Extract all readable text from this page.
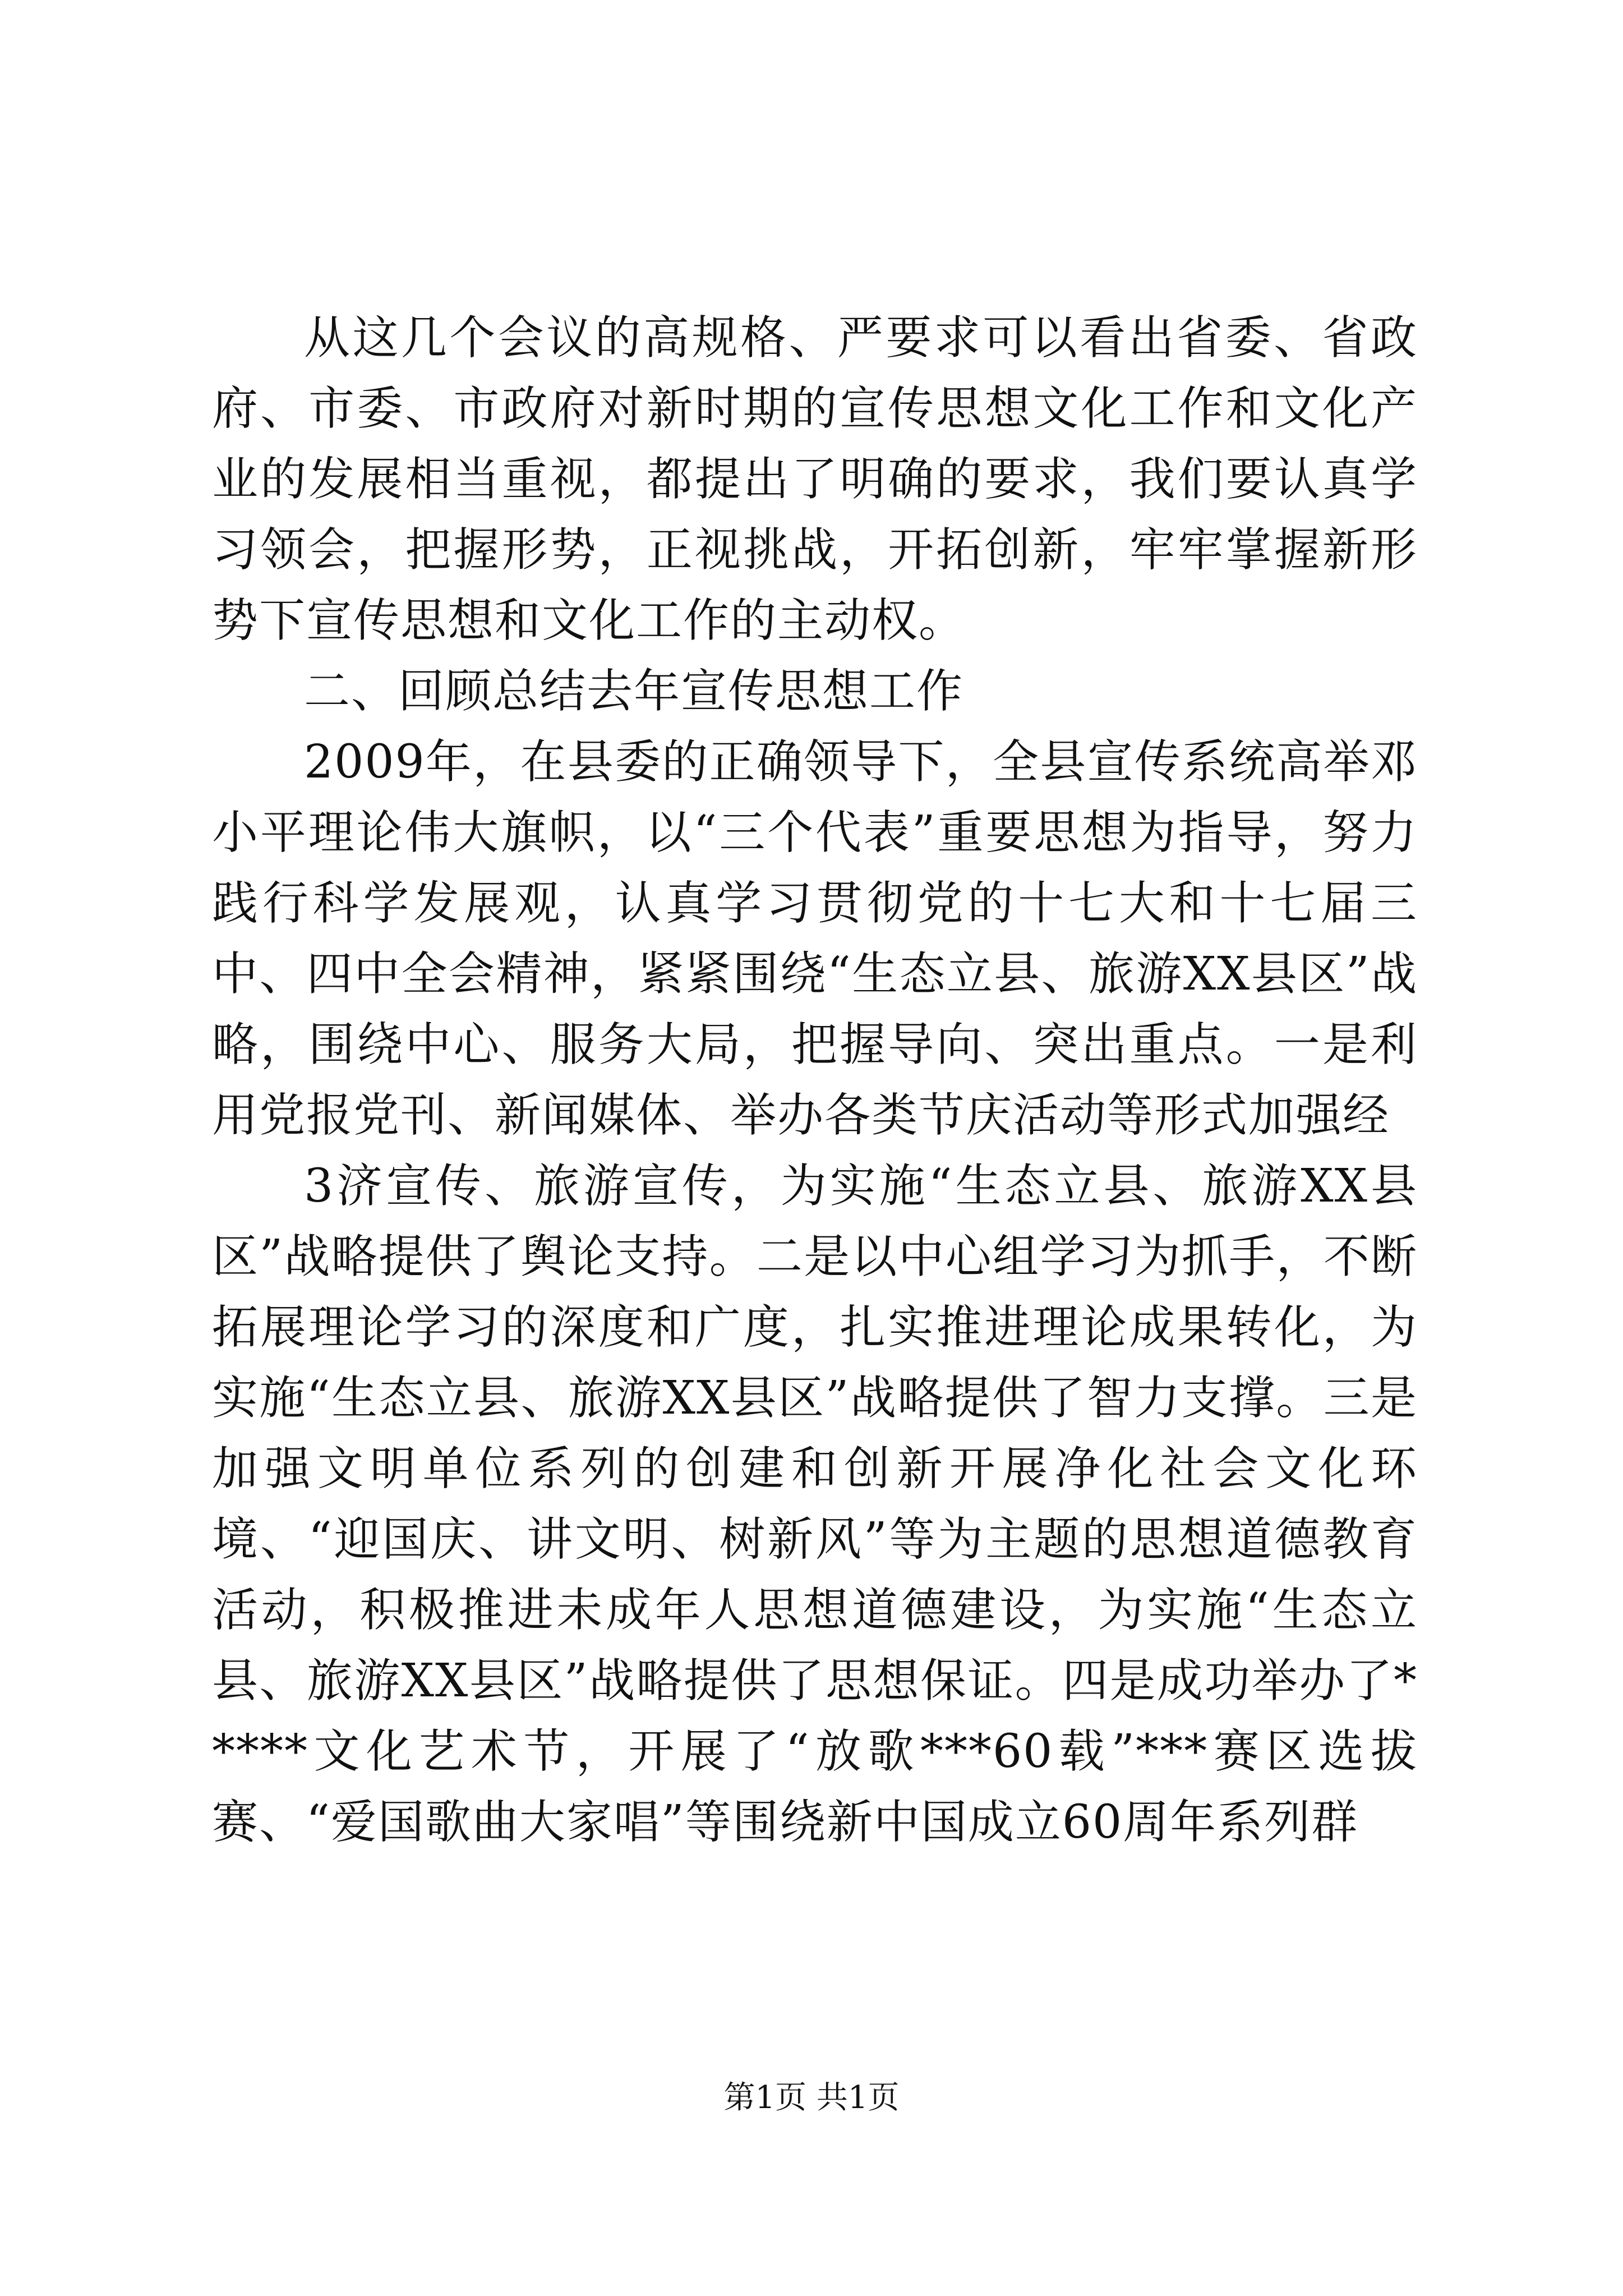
从这几个会议的高规格、严要求可以看出省委、省政府、市委、市政府对新时期的宣传思想文化工作和文化产业的发展相当重视，都提出了明确的要求，我们要认真学习领会，把握形势，正视挑战，开拓创新，牢牢掌握新形势下宣传思想和文化工作的主动权。

二、回顾总结去年宣传思想工作

2009年，在县委的正确领导下，全县宣传系统高举邓小平理论伟大旗帜，以“三个代表”重要思想为指导，努力践行科学发展观，认真学习贯彻党的十七大和十七届三中、四中全会精神，紧紧围绕“生态立县、旅游XX县区”战略，围绕中心、服务大局，把握导向、突出重点。一是利用党报党刊、新闻媒体、举办各类节庆活动等形式加强经

3济宣传、旅游宣传，为实施“生态立县、旅游XX县区”战略提供了舆论支持。二是以中心组学习为抓手，不断拓展理论学习的深度和广度，扎实推进理论成果转化，为实施“生态立县、旅游XX县区”战略提供了智力支撑。三是加强文明单位系列的创建和创新开展净化社会文化环境、“迎国庆、讲文明、树新风”等为主题的思想道德教育活动，积极推进未成年人思想道德建设，为实施“生态立县、旅游XX县区”战略提供了思想保证。四是成功举办了*****文化艺术节，开展了“放歌***60载”***赛区选拔赛、“爱国歌曲大家唱”等围绕新中国成立60周年系列群

第1页 共1页
